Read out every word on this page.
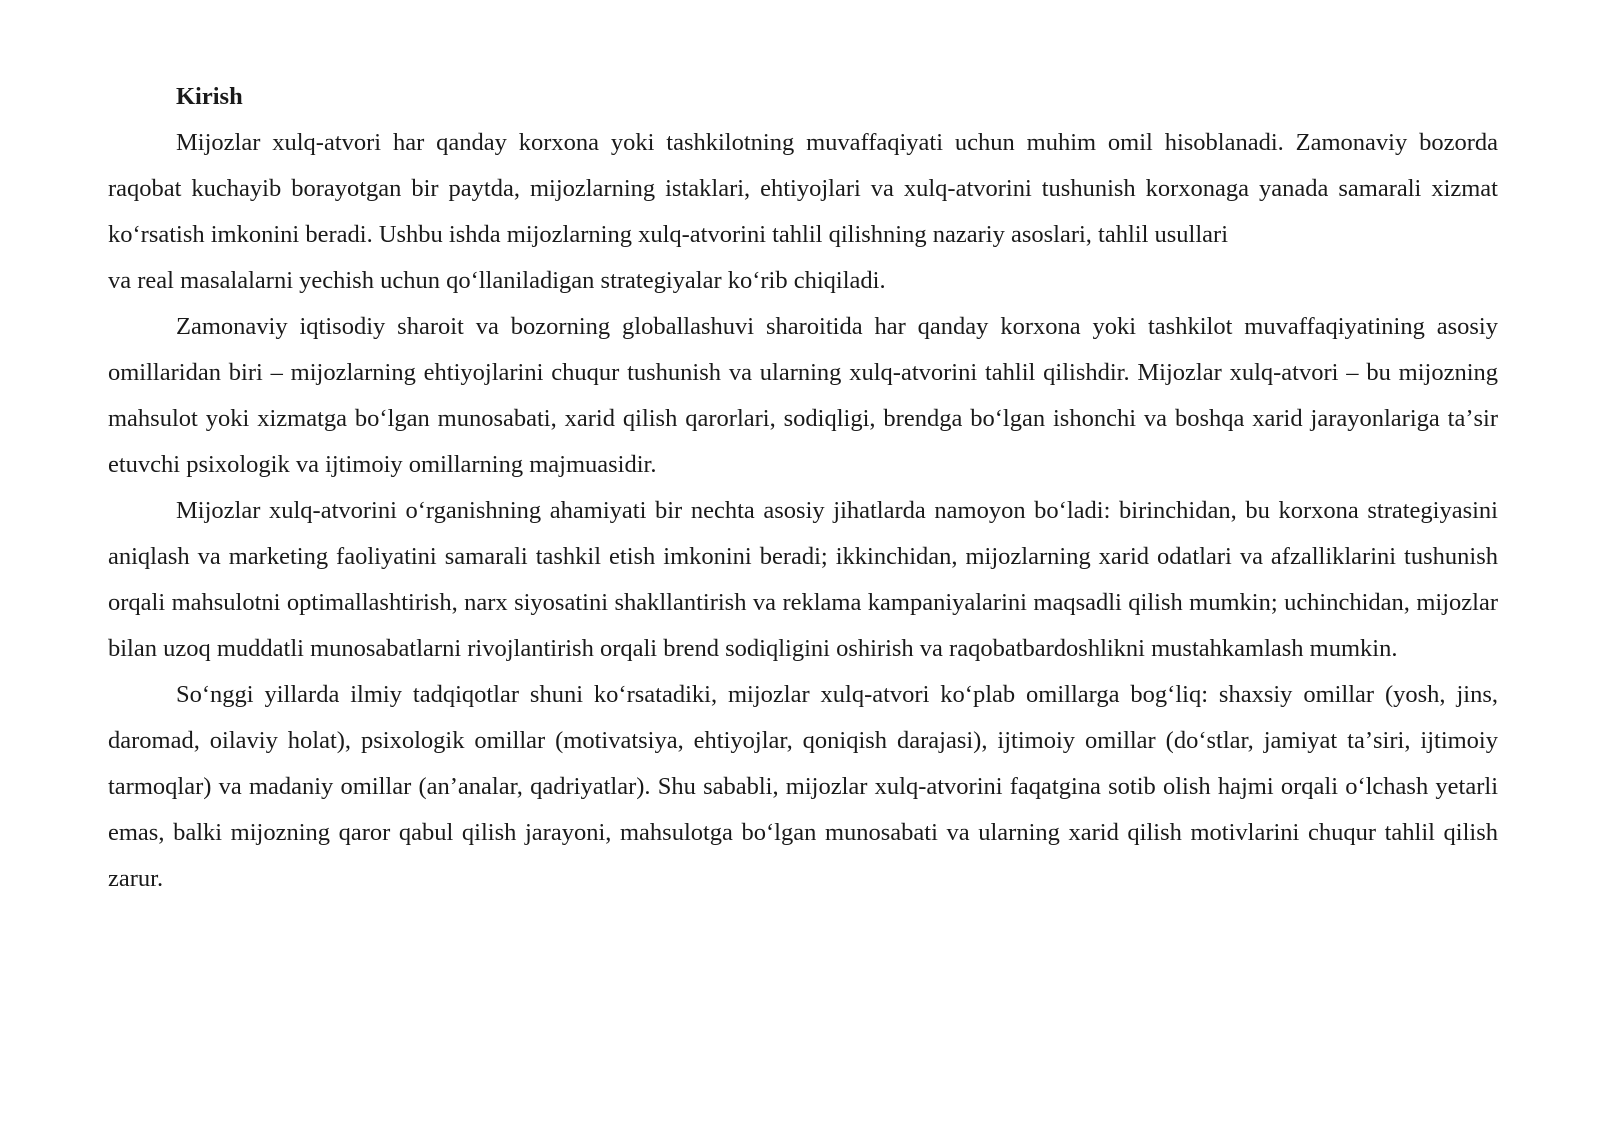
Kirish

Mijozlar xulq-atvori har qanday korxona yoki tashkilotning muvaffaqiyati uchun muhim omil hisoblanadi. Zamonaviy bozorda raqobat kuchayib borayotgan bir paytda, mijozlarning istaklari, ehtiyojlari va xulq-atvorini tushunish korxonaga yanada samarali xizmat koʻrsatish imkonini beradi. Ushbu ishda mijozlarning xulq-atvorini tahlil qilishning nazariy asoslari, tahlil usullari

va real masalalarni yechish uchun qoʻllaniladigan strategiyalar koʻrib chiqiladi.

Zamonaviy iqtisodiy sharoit va bozorning globallashuvi sharoitida har qanday korxona yoki tashkilot muvaffaqiyatining asosiy omillaridan biri – mijozlarning ehtiyojlarini chuqur tushunish va ularning xulq-atvorini tahlil qilishdir. Mijozlar xulq-atvori – bu mijozning mahsulot yoki xizmatga boʻlgan munosabati, xarid qilish qarorlari, sodiqligi, brendga boʻlgan ishonchi va boshqa xarid jarayonlariga taʼsir etuvchi psixologik va ijtimoiy omillarning majmuasidir.

Mijozlar xulq-atvorini oʻrganishning ahamiyati bir nechta asosiy jihatlarda namoyon boʻladi: birinchidan, bu korxona strategiyasini aniqlash va marketing faoliyatini samarali tashkil etish imkonini beradi; ikkinchidan, mijozlarning xarid odatlari va afzalliklarini tushunish orqali mahsulotni optimallashtirish, narx siyosatini shakllantirish va reklama kampaniyalarini maqsadli qilish mumkin; uchinchidan, mijozlar bilan uzoq muddatli munosabatlarni rivojlantirish orqali brend sodiqligini oshirish va raqobatbardoshlikni mustahkamlash mumkin.

Soʻnggi yillarda ilmiy tadqiqotlar shuni koʻrsatadiki, mijozlar xulq-atvori koʻplab omillarga bogʻliq: shaxsiy omillar (yosh, jins, daromad, oilaviy holat), psixologik omillar (motivatsiya, ehtiyojlar, qoniqish darajasi), ijtimoiy omillar (doʻstlar, jamiyat taʼsiri, ijtimoiy tarmoqlar) va madaniy omillar (anʼanalar, qadriyatlar). Shu sababli, mijozlar xulq-atvorini faqatgina sotib olish hajmi orqali oʻlchash yetarli emas, balki mijozning qaror qabul qilish jarayoni, mahsulotga boʻlgan munosabati va ularning xarid qilish motivlarini chuqur tahlil qilish zarur.
